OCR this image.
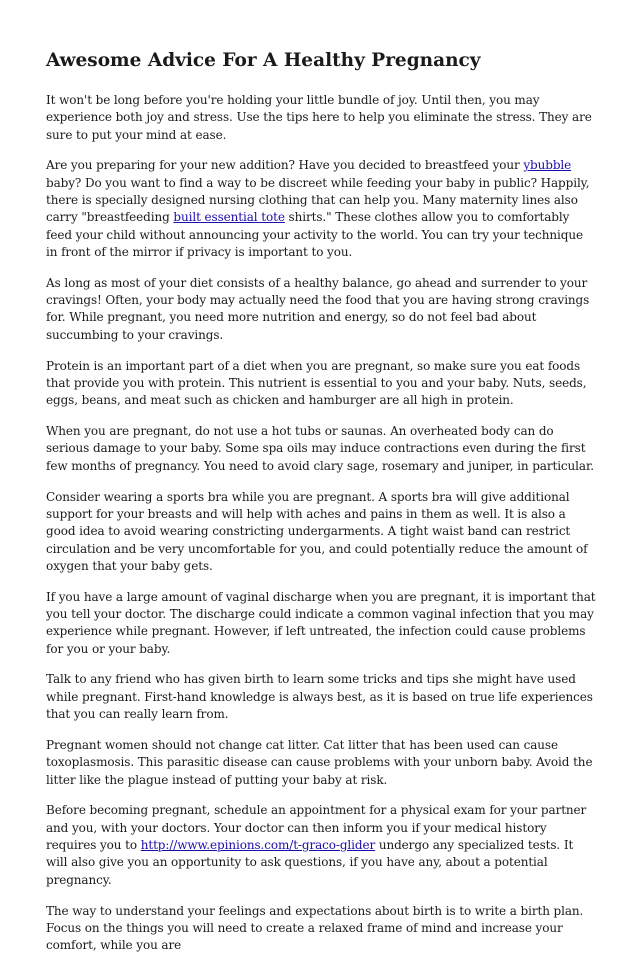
Awesome Advice For A Healthy Pregnancy

It won't be long before you're holding your little bundle of joy. Until then, you may experience both joy and stress. Use the tips here to help you eliminate the stress. They are sure to put your mind at ease.

Are you preparing for your new addition? Have you decided to breastfeed your ybubble baby? Do you want to find a way to be discreet while feeding your baby in public? Happily, there is specially designed nursing clothing that can help you. Many maternity lines also carry "breastfeeding built essential tote shirts." These clothes allow you to comfortably feed your child without announcing your activity to the world. You can try your technique in front of the mirror if privacy is important to you.

As long as most of your diet consists of a healthy balance, go ahead and surrender to your cravings! Often, your body may actually need the food that you are having strong cravings for. While pregnant, you need more nutrition and energy, so do not feel bad about succumbing to your cravings.

Protein is an important part of a diet when you are pregnant, so make sure you eat foods that provide you with protein. This nutrient is essential to you and your baby. Nuts, seeds, eggs, beans, and meat such as chicken and hamburger are all high in protein.

When you are pregnant, do not use a hot tubs or saunas. An overheated body can do serious damage to your baby. Some spa oils may induce contractions even during the first few months of pregnancy. You need to avoid clary sage, rosemary and juniper, in particular.

Consider wearing a sports bra while you are pregnant. A sports bra will give additional support for your breasts and will help with aches and pains in them as well. It is also a good idea to avoid wearing constricting undergarments. A tight waist band can restrict circulation and be very uncomfortable for you, and could potentially reduce the amount of oxygen that your baby gets.

If you have a large amount of vaginal discharge when you are pregnant, it is important that you tell your doctor. The discharge could indicate a common vaginal infection that you may experience while pregnant. However, if left untreated, the infection could cause problems for you or your baby.

Talk to any friend who has given birth to learn some tricks and tips she might have used while pregnant. First-hand knowledge is always best, as it is based on true life experiences that you can really learn from.

Pregnant women should not change cat litter. Cat litter that has been used can cause toxoplasmosis. This parasitic disease can cause problems with your unborn baby. Avoid the litter like the plague instead of putting your baby at risk.

Before becoming pregnant, schedule an appointment for a physical exam for your partner and you, with your doctors. Your doctor can then inform you if your medical history requires you to http://www.epinions.com/t-graco-glider undergo any specialized tests. It will also give you an opportunity to ask questions, if you have any, about a potential pregnancy.

The way to understand your feelings and expectations about birth is to write a birth plan. Focus on the things you will need to create a relaxed frame of mind and increase your comfort, while you are
